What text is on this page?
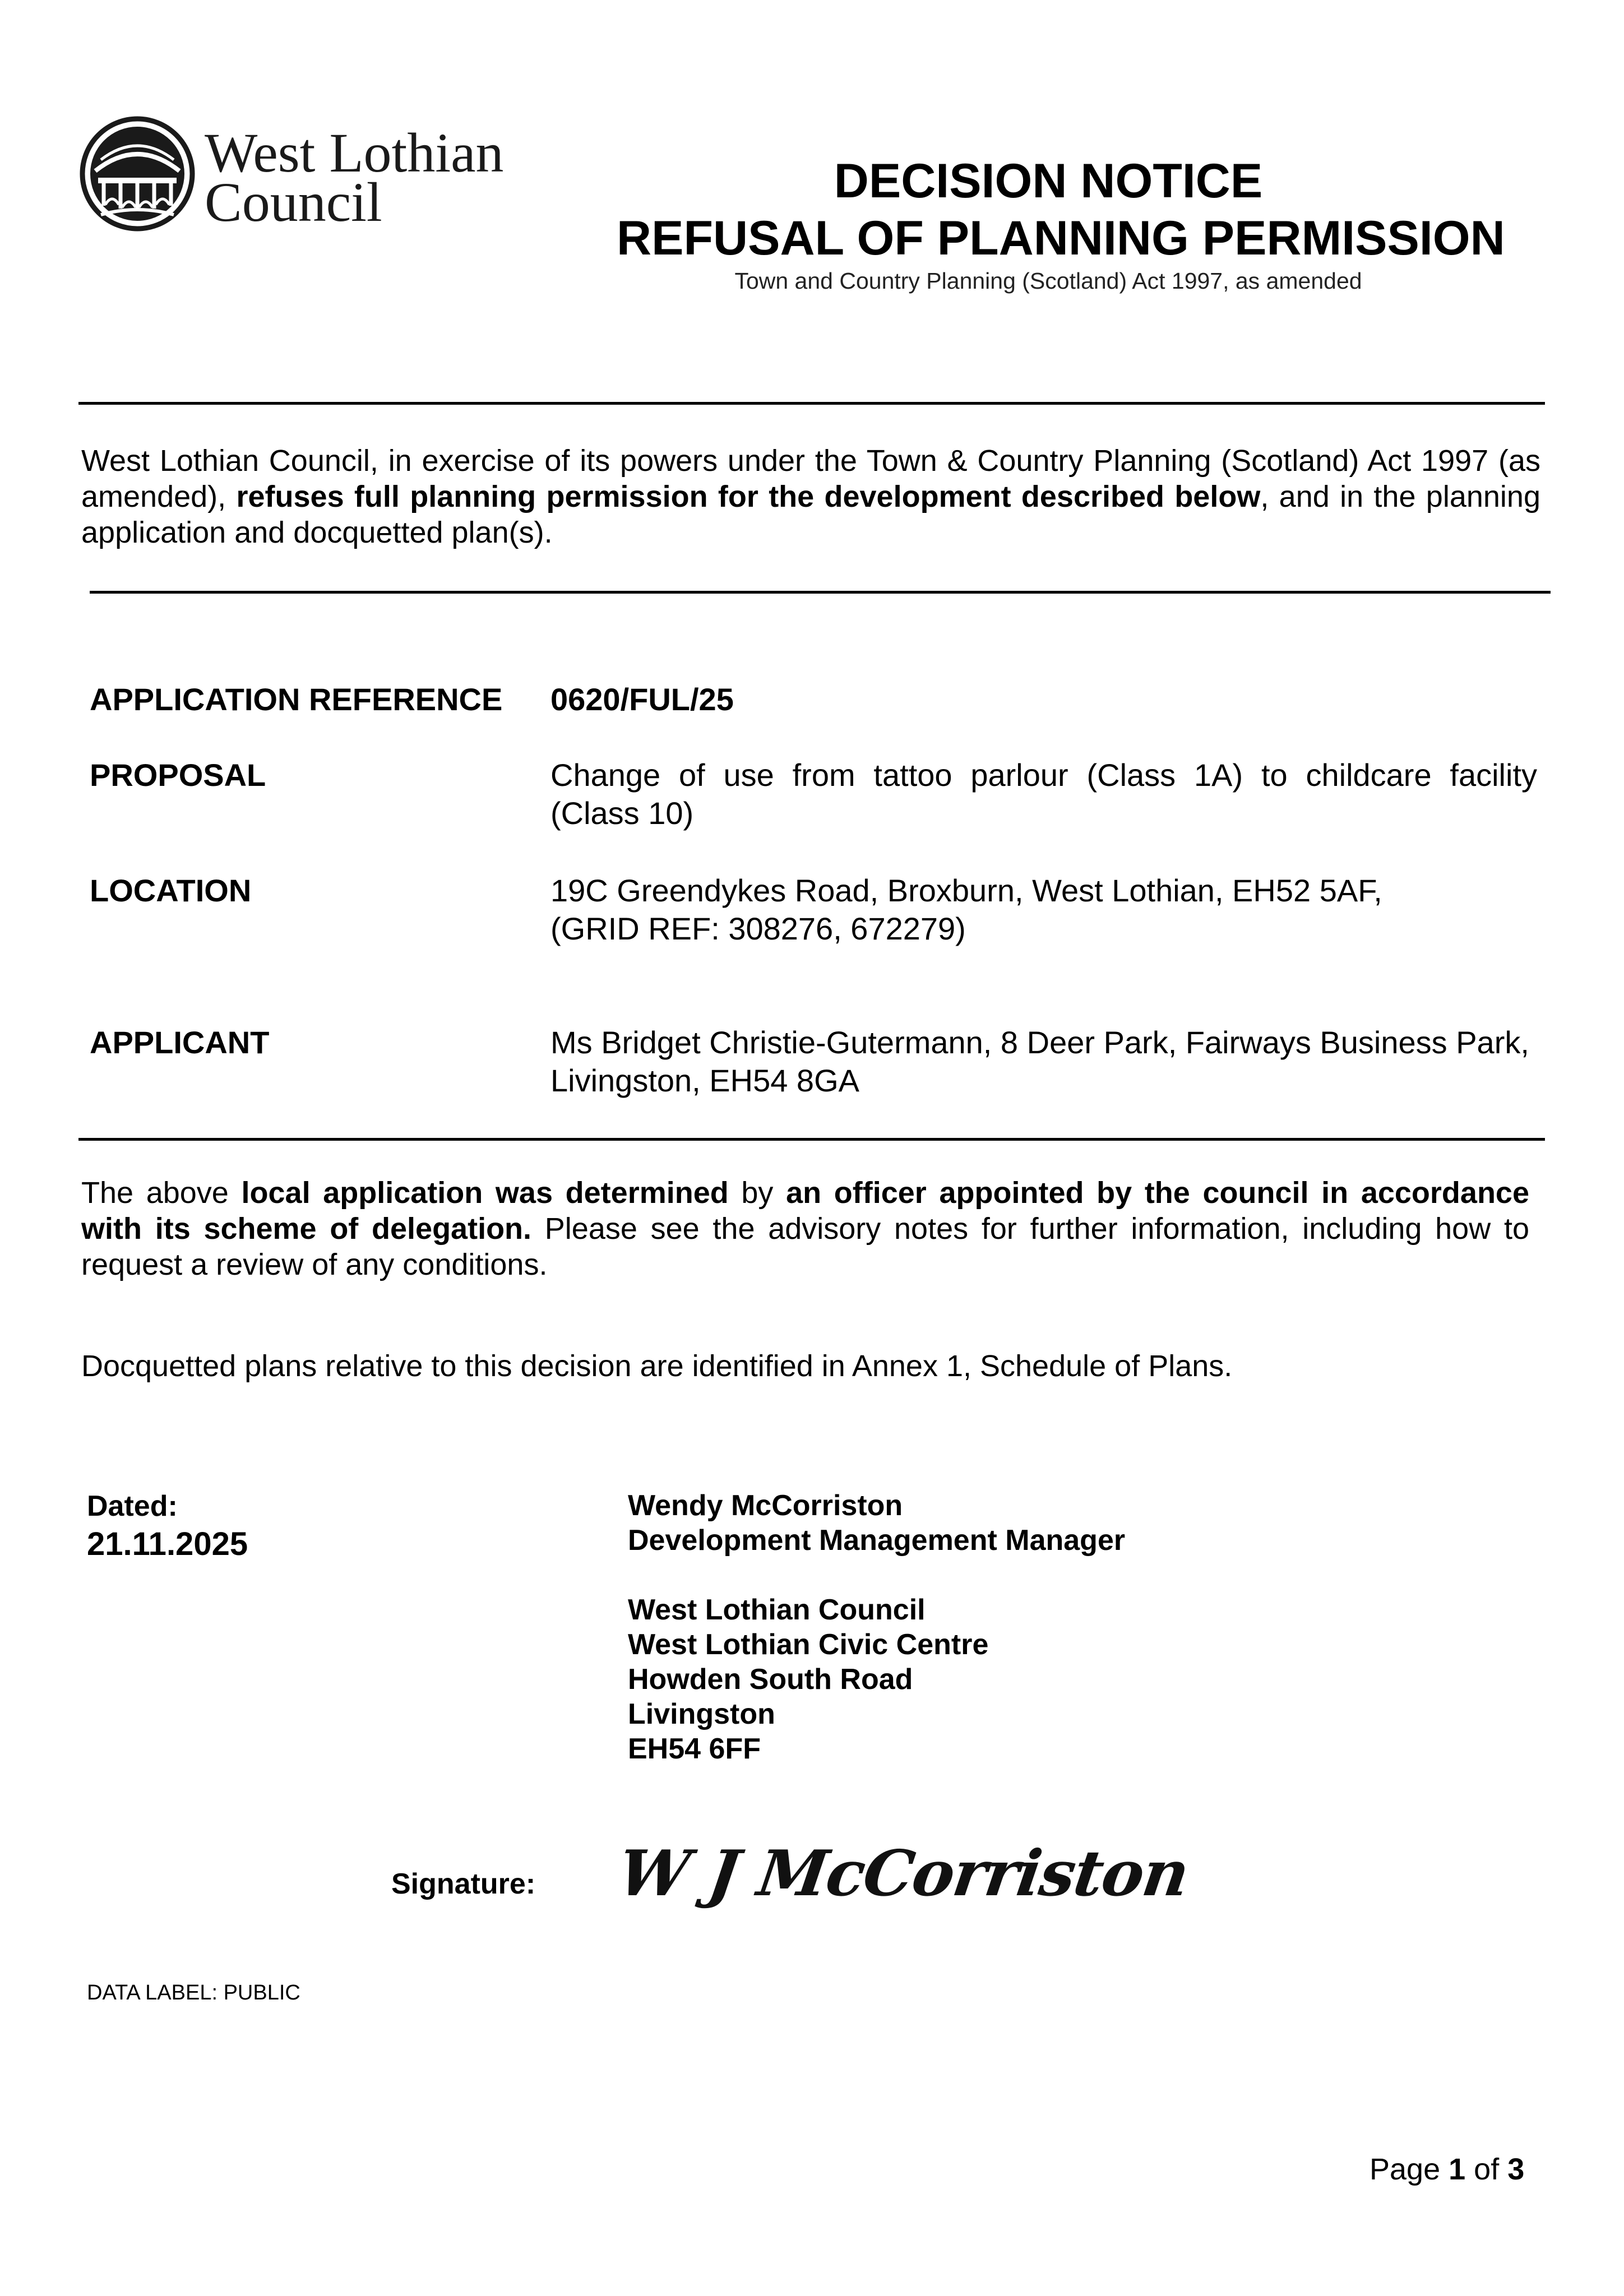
West Lothian
Council	DECISION NOTICE
REFUSAL OF PLANNING PERMISSION
Town and Country Planning (Scotland) Act 1997, as amended
West Lothian Council, in exercise of its powers under the Town & Country Planning (Scotland) Act 1997 (as amended), refuses full planning permission for the development described below, and in the planning application and docquetted plan(s).
APPLICATION REFERENCE 0620/FUL/25
PROPOSAL	Change of use from tattoo parlour (Class 1A) to childcare facility (Class 10)
LOCATION	19C Greendykes Road, Broxburn, West Lothian, EH52 5AF,
(GRID REF: 308276, 672279)
APPLICANT	Ms Bridget Christie-Gutermann, 8 Deer Park, Fairways Business Park, Livingston, EH54 8GA
The above local application was determined by an officer appointed by the council in accordance with its scheme of delegation. Please see the advisory notes for further information, including how to request a review of any conditions.
Docquetted plans relative to this decision are identified in Annex 1, Schedule of Plans.
Dated:
21.11.2025
Wendy McCorriston
Development Management Manager
West Lothian Council
West Lothian Civic Centre
Howden South Road
Livingston
EH54 6FF
Signature: W J McCorriston
DATA LABEL: PUBLIC
Page 1 of 3
